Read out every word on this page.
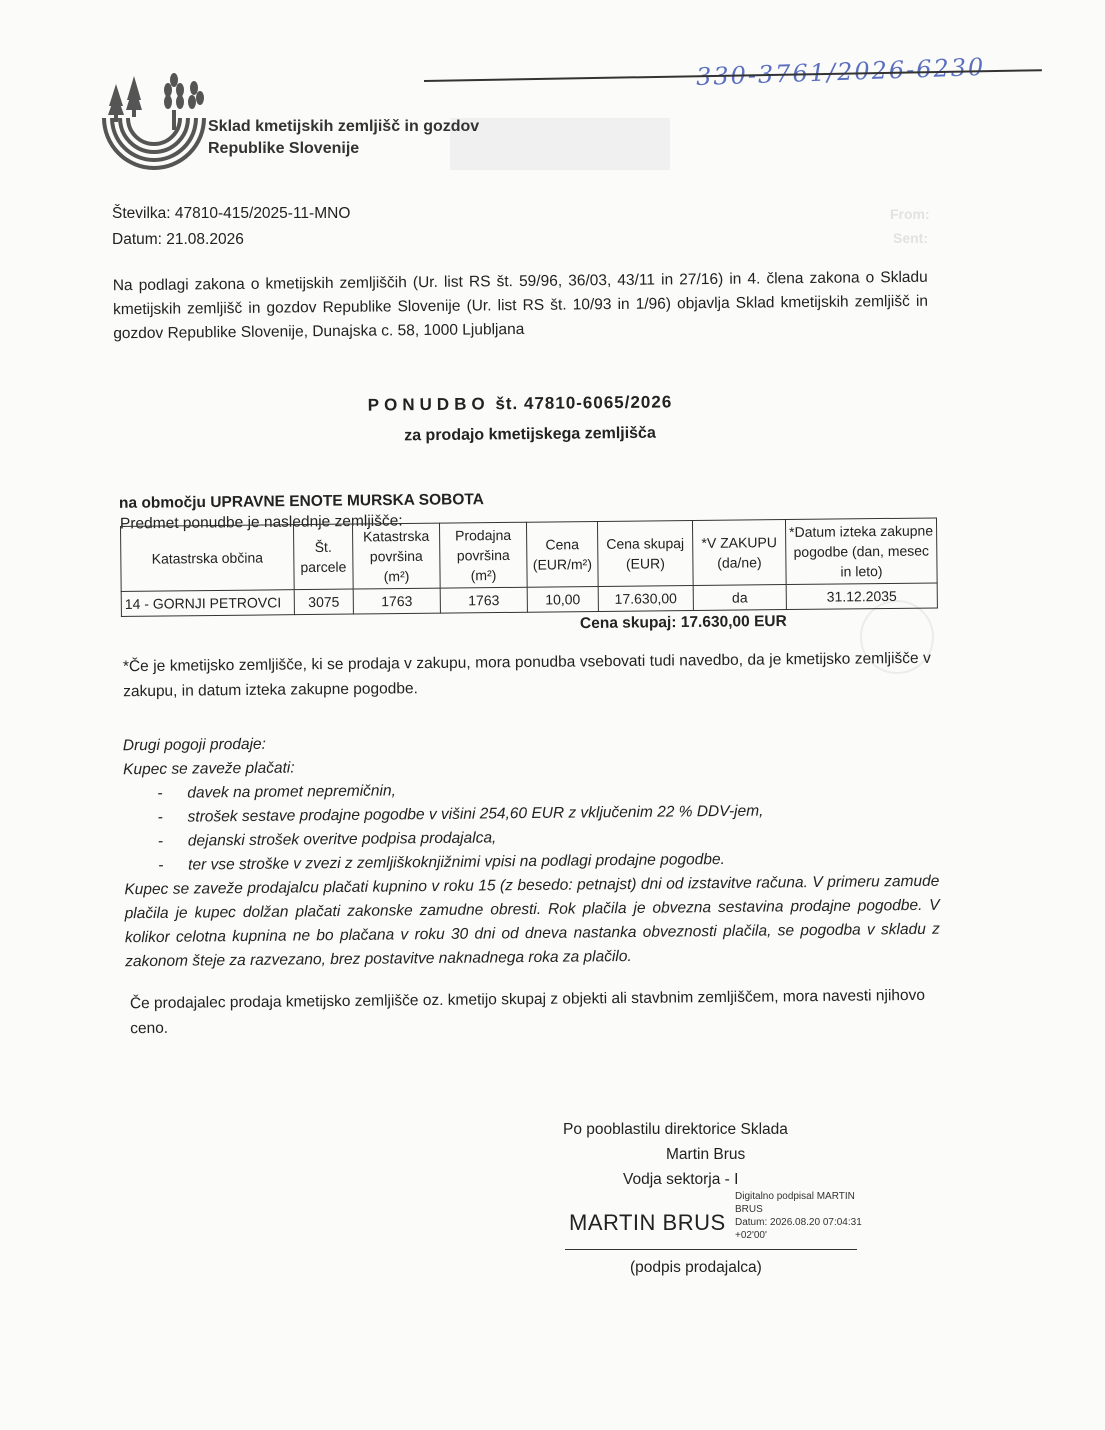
From:
Sent:
330-3761/2026-6230
Sklad kmetijskih zemljišč in gozdov
Republike Slovenije
Številka: 47810-415/2025-11-MNO
Datum: 21.08.2026
Na podlagi zakona o kmetijskih zemljiščih (Ur. list RS št. 59/96, 36/03, 43/11 in 27/16) in 4. člena zakona o Skladu kmetijskih zemljišč in gozdov Republike Slovenije (Ur. list RS št. 10/93 in 1/96) objavlja Sklad kmetijskih zemljišč in gozdov Republike Slovenije, Dunajska c. 58, 1000 Ljubljana
PONUDBO št. 47810-6065/2026
za prodajo kmetijskega zemljišča
na območju UPRAVNE ENOTE MURSKA SOBOTA
Predmet ponudbe je naslednje zemljišče:
Katastrska občina	Št. parcele	Katastrska površina (m²)	Prodajna površina (m²)	Cena (EUR/m²)	Cena skupaj (EUR)	*V ZAKUPU (da/ne)	*Datum izteka zakupne pogodbe (dan, mesec in leto)
14 - GORNJI PETROVCI	3075	1763	1763	10,00	17.630,00	da	31.12.2035
Cena skupaj: 17.630,00 EUR
*Če je kmetijsko zemljišče, ki se prodaja v zakupu, mora ponudba vsebovati tudi navedbo, da je kmetijsko zemljišče v zakupu, in datum izteka zakupne pogodbe.
Drugi pogoji prodaje:
Kupec se zaveže plačati:
- davek na promet nepremičnin,
- strošek sestave prodajne pogodbe v višini 254,60 EUR z vključenim 22 % DDV-jem,
- dejanski strošek overitve podpisa prodajalca,
- ter vse stroške v zvezi z zemljiškoknjižnimi vpisi na podlagi prodajne pogodbe.

Kupec se zaveže prodajalcu plačati kupnino v roku 15 (z besedo: petnajst) dni od izstavitve računa. V primeru zamude plačila je kupec dolžan plačati zakonske zamudne obresti. Rok plačila je obvezna sestavina prodajne pogodbe. V kolikor celotna kupnina ne bo plačana v roku 30 dni od dneva nastanka obveznosti plačila, se pogodba v skladu z zakonom šteje za razvezano, brez postavitve naknadnega roka za plačilo.

Če prodajalec prodaja kmetijsko zemljišče oz. kmetijo skupaj z objekti ali stavbnim zemljiščem, mora navesti njihovo ceno.
Po pooblastilu direktorice Sklada
Martin Brus
Vodja sektorja - I
MARTIN BRUS
Digitalno podpisal MARTIN
BRUS
Datum: 2026.08.20 07:04:31
+02'00'
(podpis prodajalca)
